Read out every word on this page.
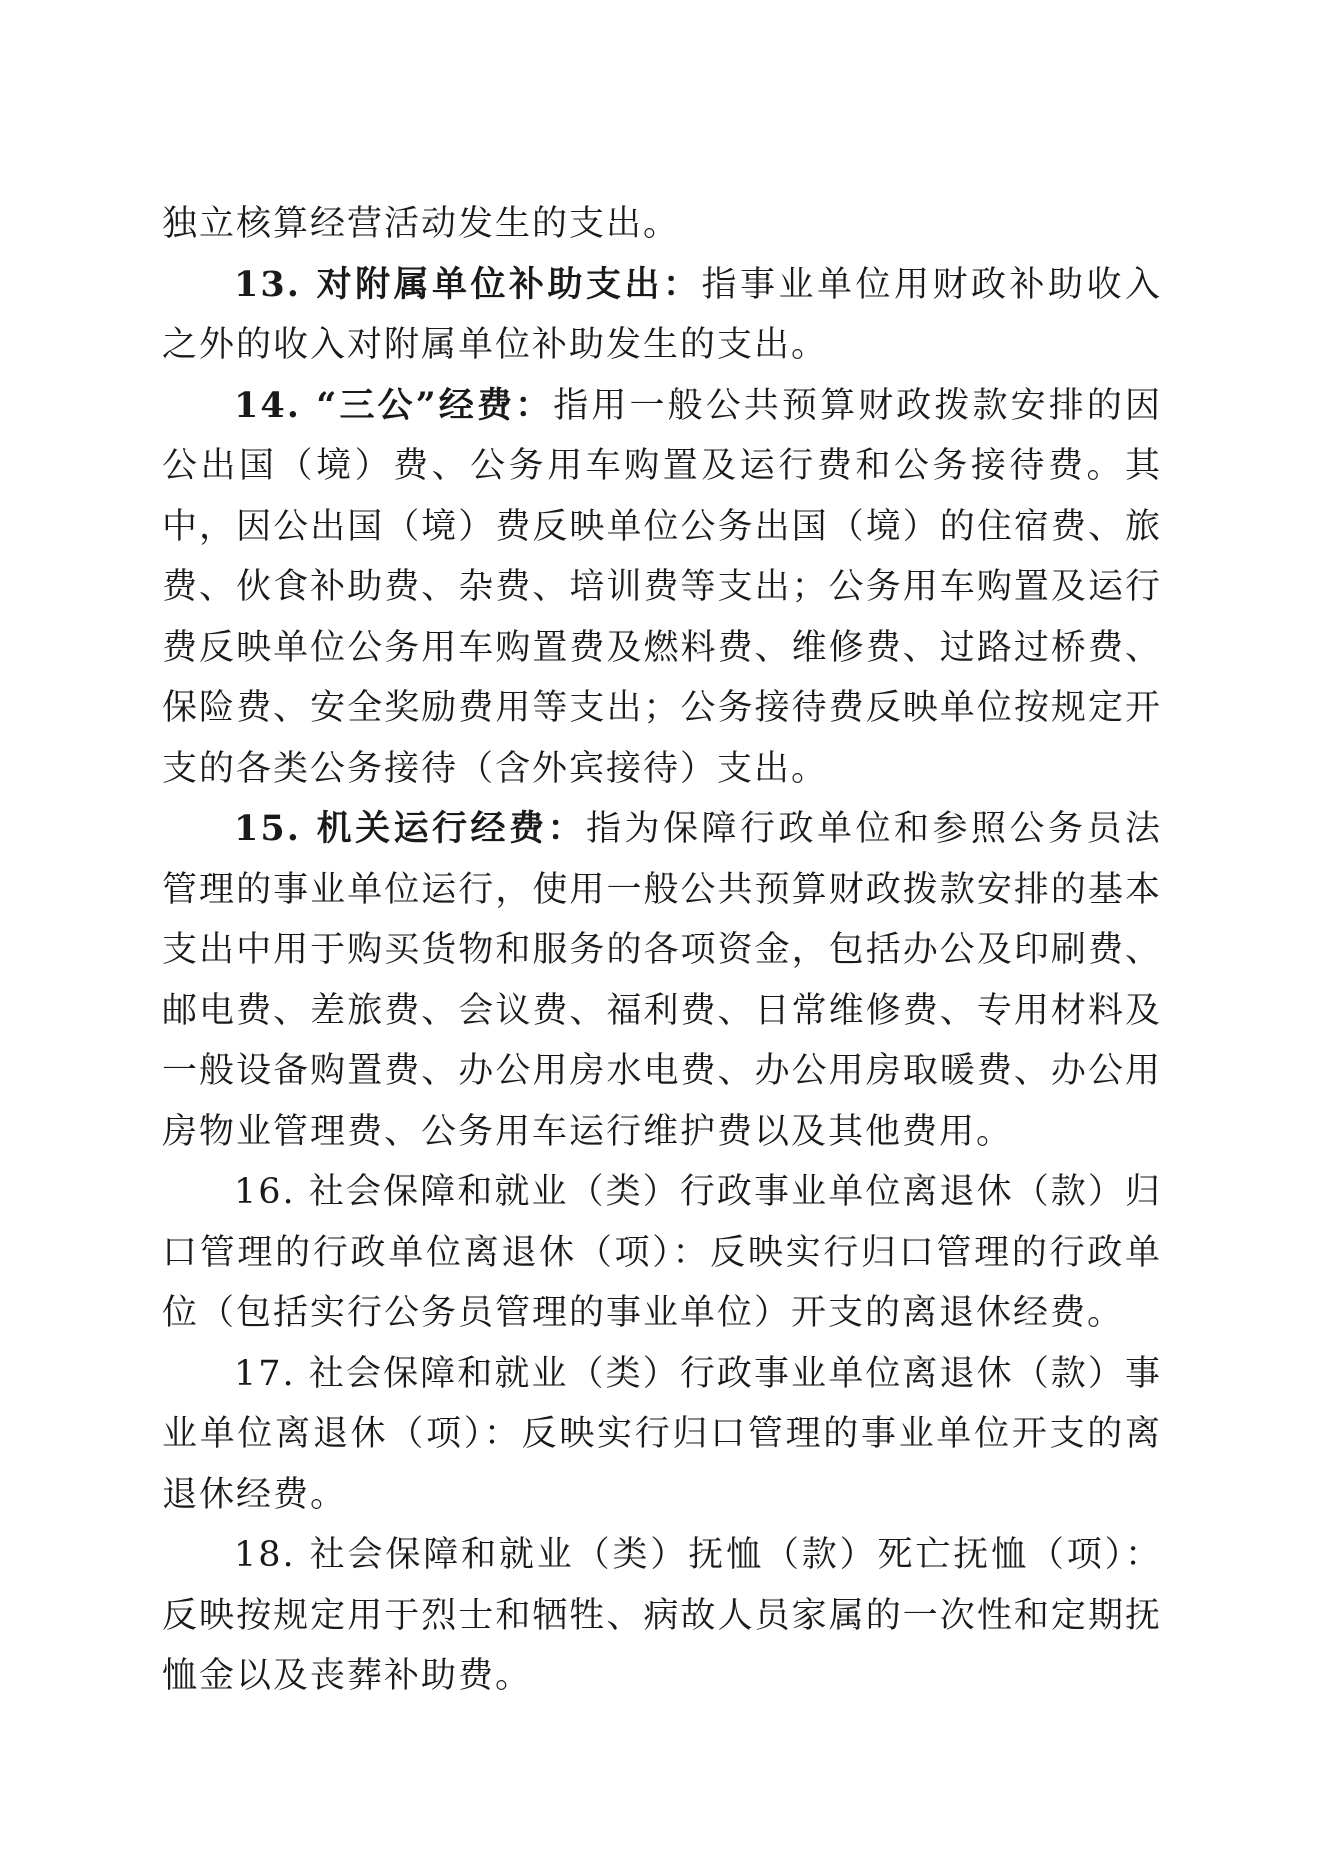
独立核算经营活动发生的支出。

13. 对附属单位补助支出：指事业单位用财政补助收入之外的收入对附属单位补助发生的支出。

14. “三公”经费：指用一般公共预算财政拨款安排的因公出国（境）费、公务用车购置及运行费和公务接待费。其中，因公出国（境）费反映单位公务出国（境）的住宿费、旅费、伙食补助费、杂费、培训费等支出；公务用车购置及运行费反映单位公务用车购置费及燃料费、维修费、过路过桥费、保险费、安全奖励费用等支出；公务接待费反映单位按规定开支的各类公务接待（含外宾接待）支出。

15. 机关运行经费：指为保障行政单位和参照公务员法管理的事业单位运行，使用一般公共预算财政拨款安排的基本支出中用于购买货物和服务的各项资金，包括办公及印刷费、邮电费、差旅费、会议费、福利费、日常维修费、专用材料及一般设备购置费、办公用房水电费、办公用房取暖费、办公用房物业管理费、公务用车运行维护费以及其他费用。

16. 社会保障和就业（类）行政事业单位离退休（款）归口管理的行政单位离退休（项）：反映实行归口管理的行政单位（包括实行公务员管理的事业单位）开支的离退休经费。

17. 社会保障和就业（类）行政事业单位离退休（款）事业单位离退休（项）：反映实行归口管理的事业单位开支的离退休经费。

18. 社会保障和就业（类）抚恤（款）死亡抚恤（项）：反映按规定用于烈士和牺牲、病故人员家属的一次性和定期抚恤金以及丧葬补助费。
